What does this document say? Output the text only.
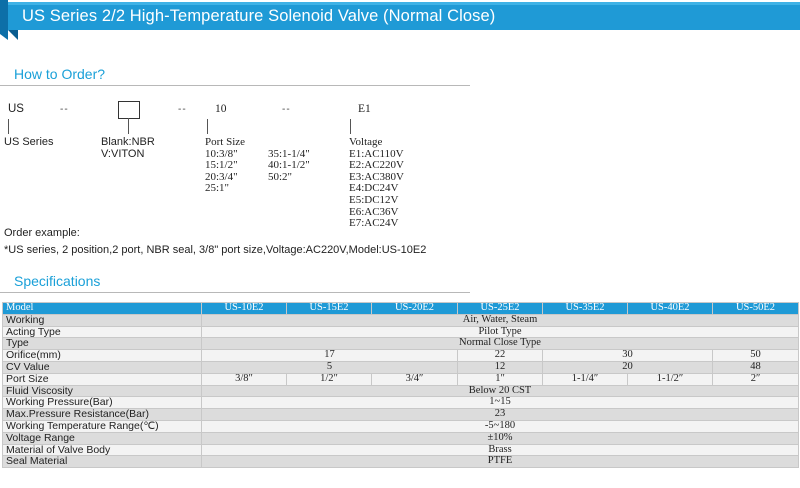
US Series 2/2 High-Temperature Solenoid Valve (Normal Close)
How to Order?
US	--	-- 10	--	E1
US Series	Blank:NBR
V:VITON
Port Size
10:3/8"
15:1/2"
20:3/4"
25:1"
35:1-1/4"
40:1-1/2"
50:2"
Voltage
E1:AC110V
E2:AC220V
E3:AC380V
E4:DC24V
E5:DC12V
E6:AC36V
E7:AC24V
Order example:
*US series, 2 position,2 port, NBR seal, 3/8" port size,Voltage:AC220V,Model:US-10E2
Specifications
Model	US-10E2	US-15E2	US-20E2	US-25E2	US-35E2	US-40E2	US-50E2
Working	Air, Water, Steam						
Acting Type	Pilot Type						
Type	Normal Close Type						
Orifice(mm)	17			22	30		50
CV Value	5			12	20		48
Port Size	3/8″	1/2″	3/4″	1″	1-1/4″	1-1/2″	2″
Fluid Viscosity	Below 20 CST						
Working Pressure(Bar)	1~15						
Max.Pressure Resistance(Bar)	23						
Working Temperature Range(℃)	-5~180						
Voltage Range	±10%						
Material of Valve Body	Brass						
Seal Material	PTFE						
